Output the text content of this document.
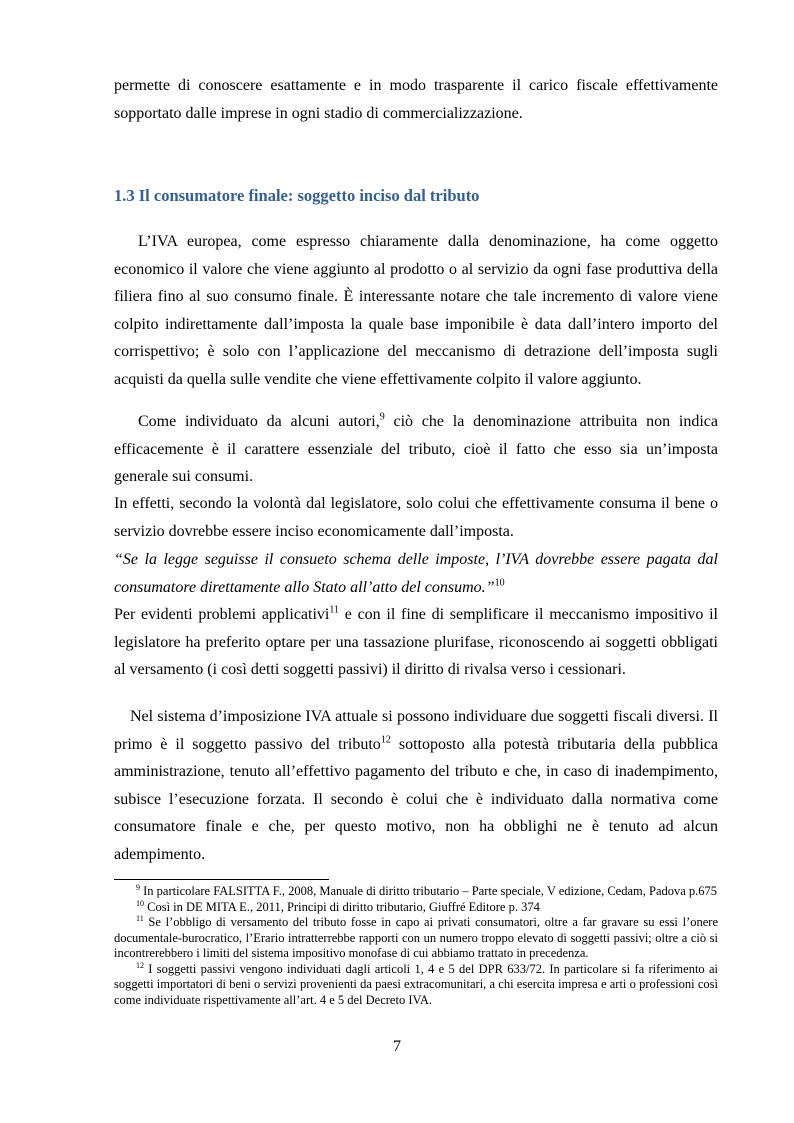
permette di conoscere esattamente e in modo trasparente il carico fiscale effettivamente sopportato dalle imprese in ogni stadio di commercializzazione.

1.3 Il consumatore finale: soggetto inciso dal tributo

L’IVA europea, come espresso chiaramente dalla denominazione, ha come oggetto economico il valore che viene aggiunto al prodotto o al servizio da ogni fase produttiva della filiera fino al suo consumo finale. È interessante notare che tale incremento di valore viene colpito indirettamente dall’imposta la quale base imponibile è data dall’intero importo del corrispettivo; è solo con l’applicazione del meccanismo di detrazione dell’imposta sugli acquisti da quella sulle vendite che viene effettivamente colpito il valore aggiunto.

Come individuato da alcuni autori,$^9$ ciò che la denominazione attribuita non indica efficacemente è il carattere essenziale del tributo, cioè il fatto che esso sia un’imposta generale sui consumi.

In effetti, secondo la volontà dal legislatore, solo colui che effettivamente consuma il bene o servizio dovrebbe essere inciso economicamente dall’imposta.

“Se la legge seguisse il consueto schema delle imposte, l’IVA dovrebbe essere pagata dal consumatore direttamente allo Stato all’atto del consumo.”$^{10}$

Per evidenti problemi applicativi$^{11}$ e con il fine di semplificare il meccanismo impositivo il legislatore ha preferito optare per una tassazione plurifase, riconoscendo ai soggetti obbligati al versamento (i così detti soggetti passivi) il diritto di rivalsa verso i cessionari.

Nel sistema d’imposizione IVA attuale si possono individuare due soggetti fiscali diversi. Il primo è il soggetto passivo del tributo$^{12}$ sottoposto alla potestà tributaria della pubblica amministrazione, tenuto all’effettivo pagamento del tributo e che, in caso di inadempimento, subisce l’esecuzione forzata. Il secondo è colui che è individuato dalla normativa come consumatore finale e che, per questo motivo, non ha obblighi ne è tenuto ad alcun adempimento.

$^9$ In particolare FALSITTA F., 2008, Manuale di diritto tributario – Parte speciale, V edizione, Cedam, Padova p.675

$^{10}$ Così in DE MITA E., 2011, Principi di diritto tributario, Giuffré Editore p. 374

$^{11}$ Se l’obbligo di versamento del tributo fosse in capo ai privati consumatori, oltre a far gravare su essi l’onere documentale-burocratico, l’Erario intratterrebbe rapporti con un numero troppo elevato di soggetti passivi; oltre a ciò si incontrerebbero i limiti del sistema impositivo monofase di cui abbiamo trattato in precedenza.

$^{12}$ I soggetti passivi vengono individuati dagli articoli 1, 4 e 5 del DPR 633/72. In particolare si fa riferimento ai soggetti importatori di beni o servizi provenienti da paesi extracomunitari, a chi esercita impresa e arti o professioni così come individuate rispettivamente all’art. 4 e 5 del Decreto IVA.

7
